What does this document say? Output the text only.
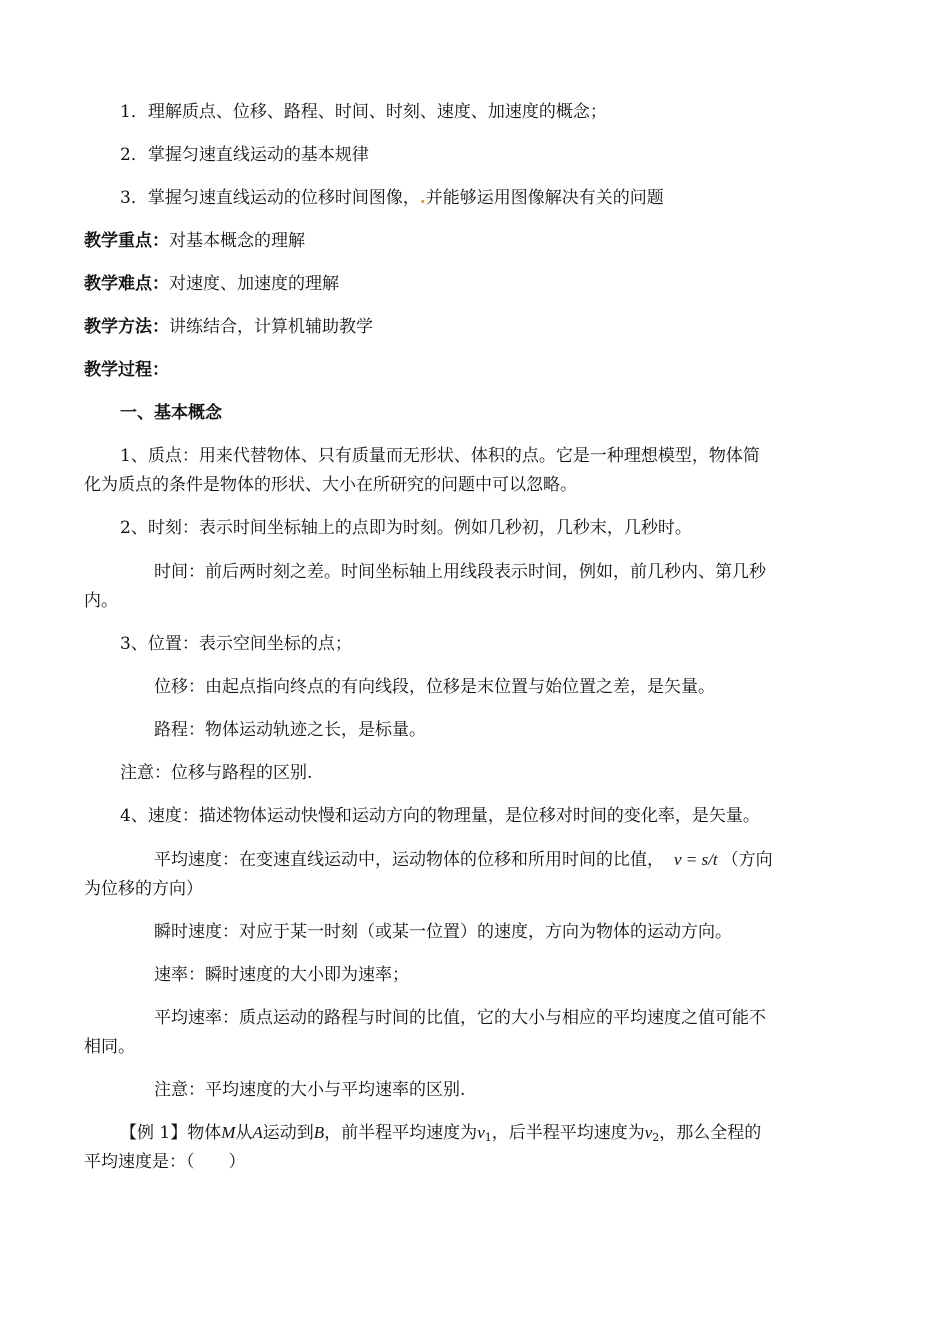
1．理解质点、位移、路程、时间、时刻、速度、加速度的概念；
2．掌握匀速直线运动的基本规律
3．掌握匀速直线运动的位移时间图像，.并能够运用图像解决有关的问题
教学重点：对基本概念的理解
教学难点：对速度、加速度的理解
教学方法：讲练结合，计算机辅助教学
教学过程：
一、基本概念
1、质点：用来代替物体、只有质量而无形状、体积的点。它是一种理想模型，物体简
化为质点的条件是物体的形状、大小在所研究的问题中可以忽略。
2、时刻：表示时间坐标轴上的点即为时刻。例如几秒初，几秒末，几秒时。
时间：前后两时刻之差。时间坐标轴上用线段表示时间，例如，前几秒内、第几秒
内。
3、位置：表示空间坐标的点；
位移：由起点指向终点的有向线段，位移是末位置与始位置之差，是矢量。
路程：物体运动轨迹之长，是标量。
注意：位移与路程的区别.
4、速度：描述物体运动快慢和运动方向的物理量，是位移对时间的变化率，是矢量。
平均速度：在变速直线运动中，运动物体的位移和所用时间的比值， v = s/t （方向
为位移的方向）
瞬时速度：对应于某一时刻（或某一位置）的速度，方向为物体的运动方向。
速率：瞬时速度的大小即为速率；
平均速率：质点运动的路程与时间的比值，它的大小与相应的平均速度之值可能不
相同。
注意：平均速度的大小与平均速率的区别.
【例 1】物体M从A运动到B，前半程平均速度为$v_1$，后半程平均速度为$v_2$，那么全程的
平均速度是：（　　）
